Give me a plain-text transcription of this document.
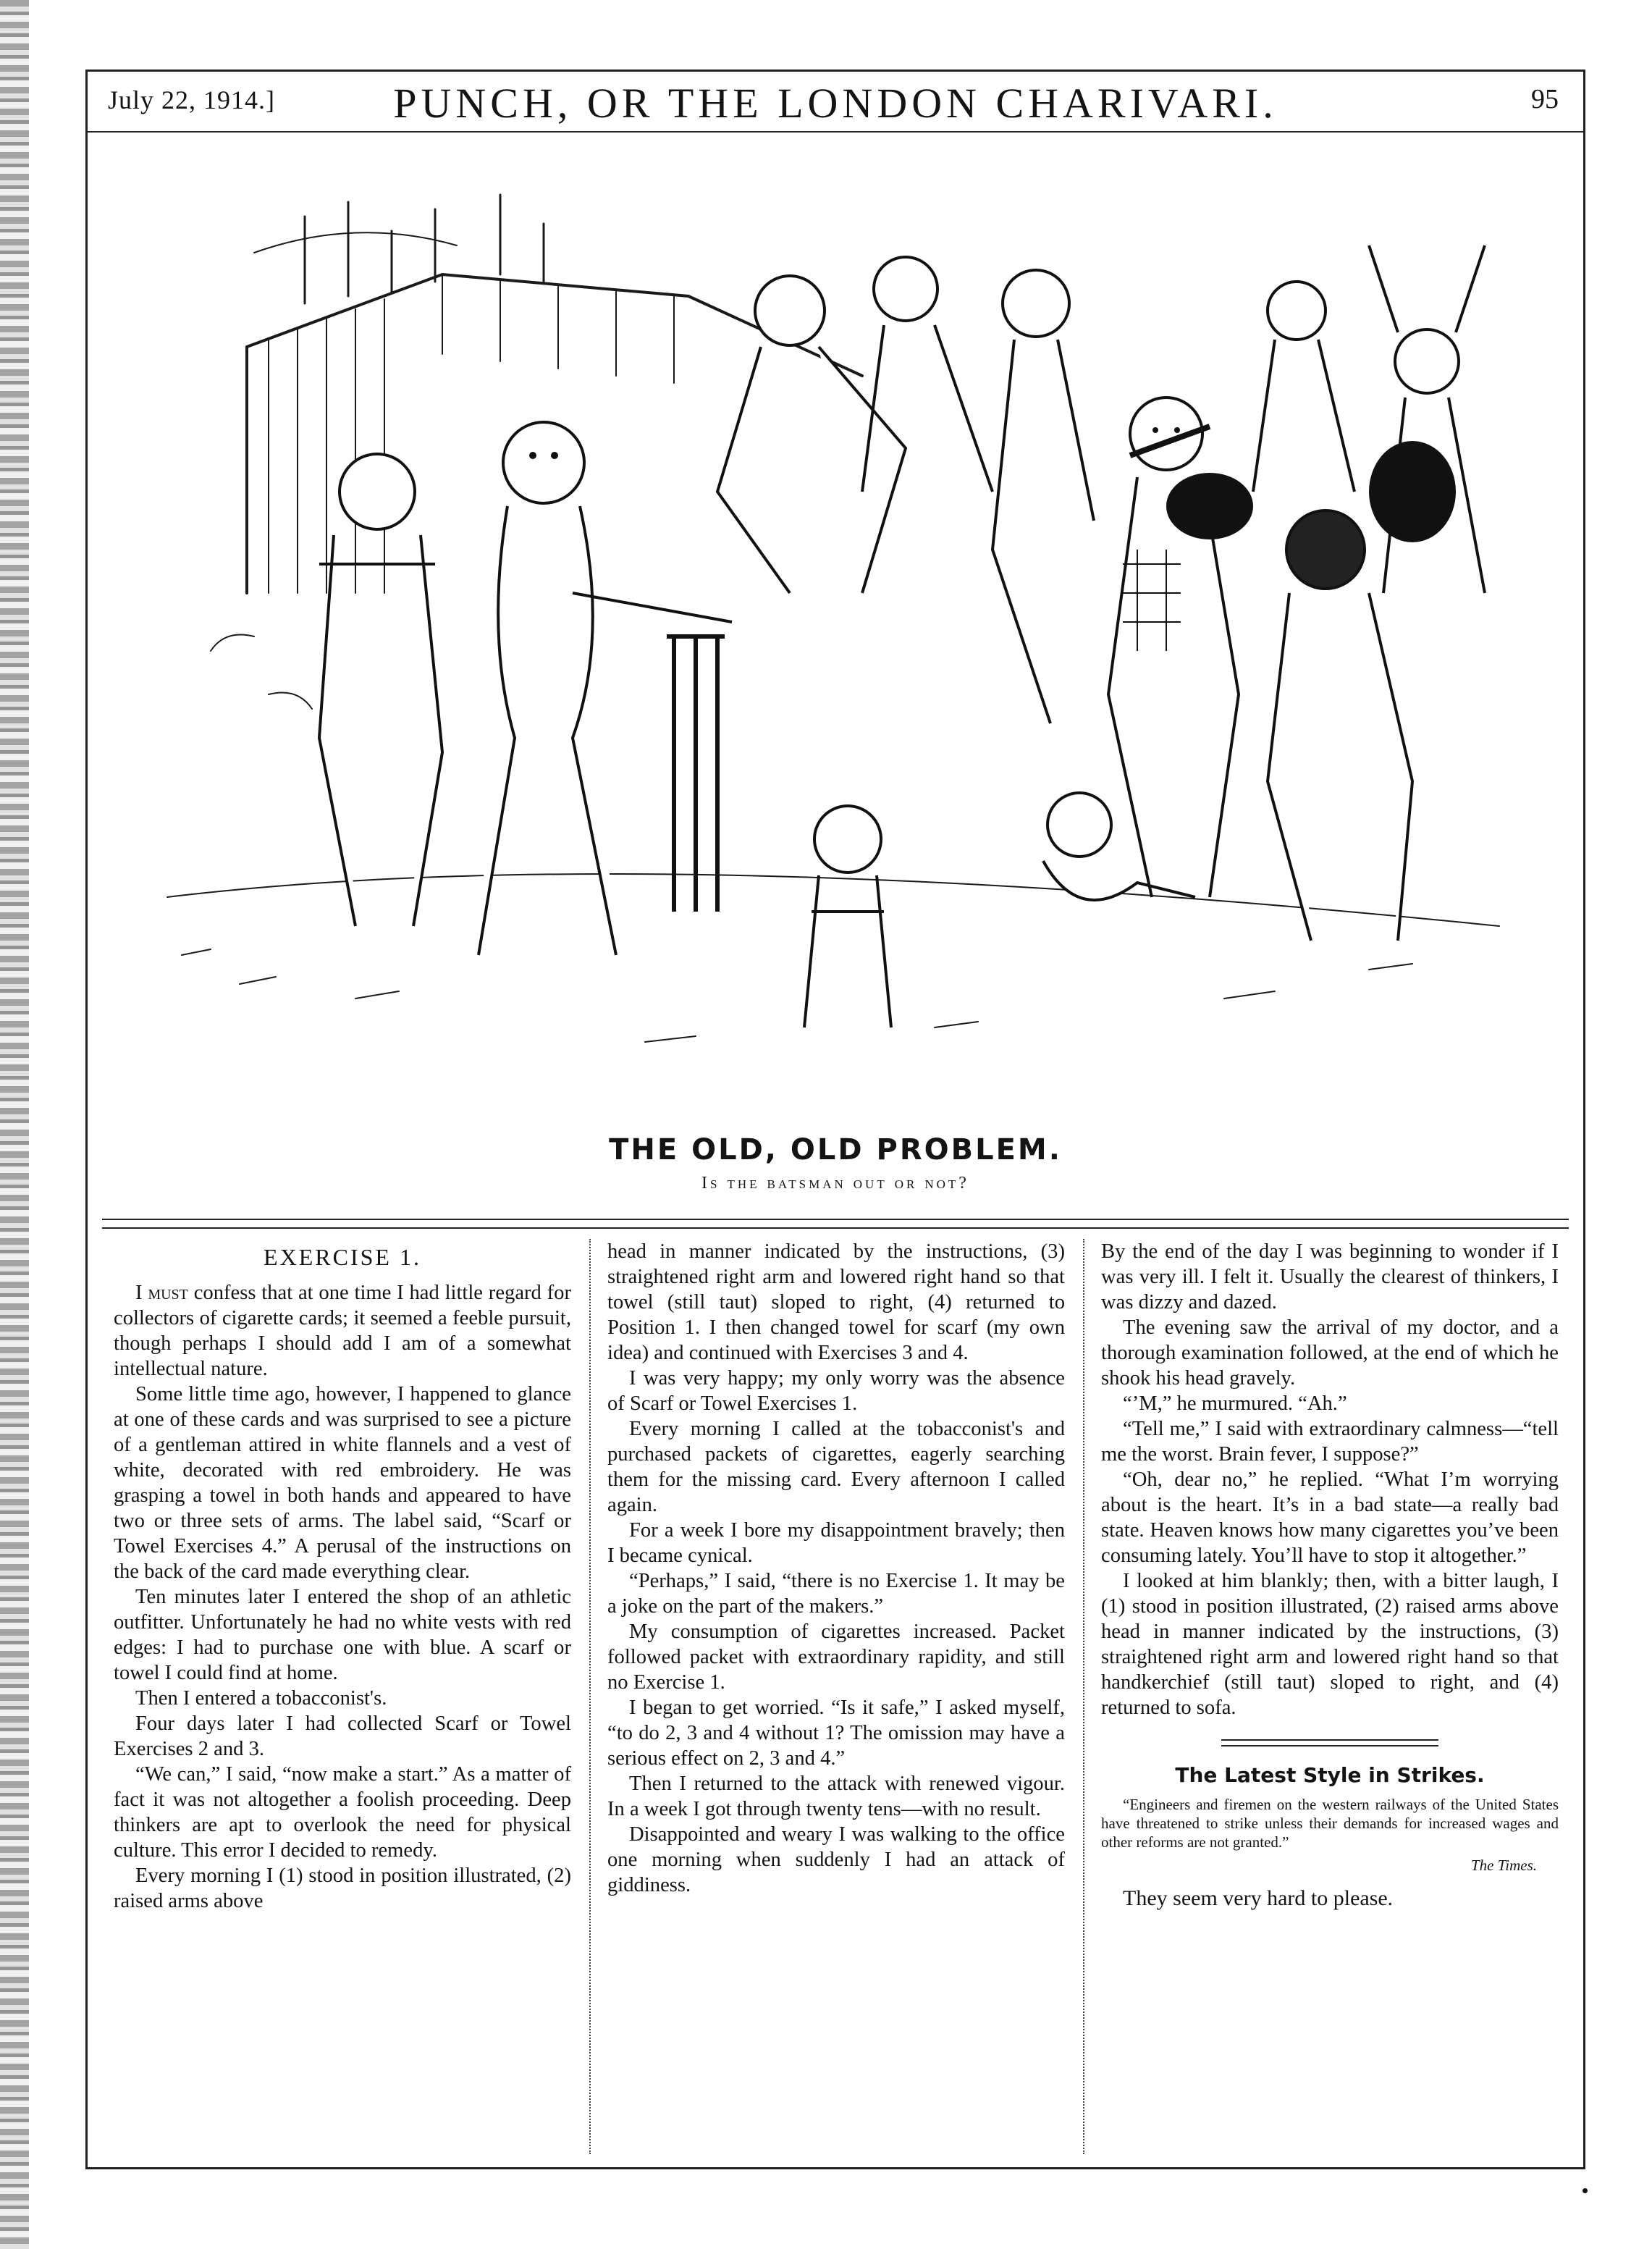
July 22, 1914.]	PUNCH, OR THE LONDON CHARIVARI.	95
THE OLD, OLD PROBLEM.
Is the batsman out or not?
EXERCISE 1.

I must confess that at one time I had little regard for collectors of cigarette cards; it seemed a feeble pursuit, though perhaps I should add I am of a somewhat intellectual nature.

Some little time ago, however, I happened to glance at one of these cards and was surprised to see a picture of a gentleman attired in white flannels and a vest of white, decorated with red embroidery. He was grasping a towel in both hands and appeared to have two or three sets of arms. The label said, “Scarf or Towel Exercises 4.” A perusal of the instructions on the back of the card made everything clear.

Ten minutes later I entered the shop of an athletic outfitter. Unfortunately he had no white vests with red edges: I had to purchase one with blue. A scarf or towel I could find at home.

Then I entered a tobacconist's.

Four days later I had collected Scarf or Towel Exercises 2 and 3.

“We can,” I said, “now make a start.” As a matter of fact it was not altogether a foolish proceeding. Deep thinkers are apt to overlook the need for physical culture. This error I decided to remedy.

Every morning I (1) stood in position illustrated, (2) raised arms above

head in manner indicated by the instructions, (3) straightened right arm and lowered right hand so that towel (still taut) sloped to right, (4) returned to Position 1. I then changed towel for scarf (my own idea) and continued with Exercises 3 and 4.

I was very happy; my only worry was the absence of Scarf or Towel Exercises 1.

Every morning I called at the tobacconist's and purchased packets of cigarettes, eagerly searching them for the missing card. Every afternoon I called again.

For a week I bore my disappointment bravely; then I became cynical.

“Perhaps,” I said, “there is no Exercise 1. It may be a joke on the part of the makers.”

My consumption of cigarettes increased. Packet followed packet with extraordinary rapidity, and still no Exercise 1.

I began to get worried. “Is it safe,” I asked myself, “to do 2, 3 and 4 without 1? The omission may have a serious effect on 2, 3 and 4.”

Then I returned to the attack with renewed vigour. In a week I got through twenty tens—with no result.

Disappointed and weary I was walking to the office one morning when suddenly I had an attack of giddiness.

By the end of the day I was beginning to wonder if I was very ill. I felt it. Usually the clearest of thinkers, I was dizzy and dazed.

The evening saw the arrival of my doctor, and a thorough examination followed, at the end of which he shook his head gravely.

“’M,” he murmured. “Ah.”

“Tell me,” I said with extraordinary calmness—“tell me the worst. Brain fever, I suppose?”

“Oh, dear no,” he replied. “What I’m worrying about is the heart. It’s in a bad state—a really bad state. Heaven knows how many cigarettes you’ve been consuming lately. You’ll have to stop it altogether.”

I looked at him blankly; then, with a bitter laugh, I (1) stood in position illustrated, (2) raised arms above head in manner indicated by the instructions, (3) straightened right arm and lowered right hand so that handkerchief (still taut) sloped to right, and (4) returned to sofa.

The Latest Style in Strikes.

“Engineers and firemen on the western railways of the United States have threatened to strike unless their demands for increased wages and other reforms are not granted.”

The Times.

They seem very hard to please.
